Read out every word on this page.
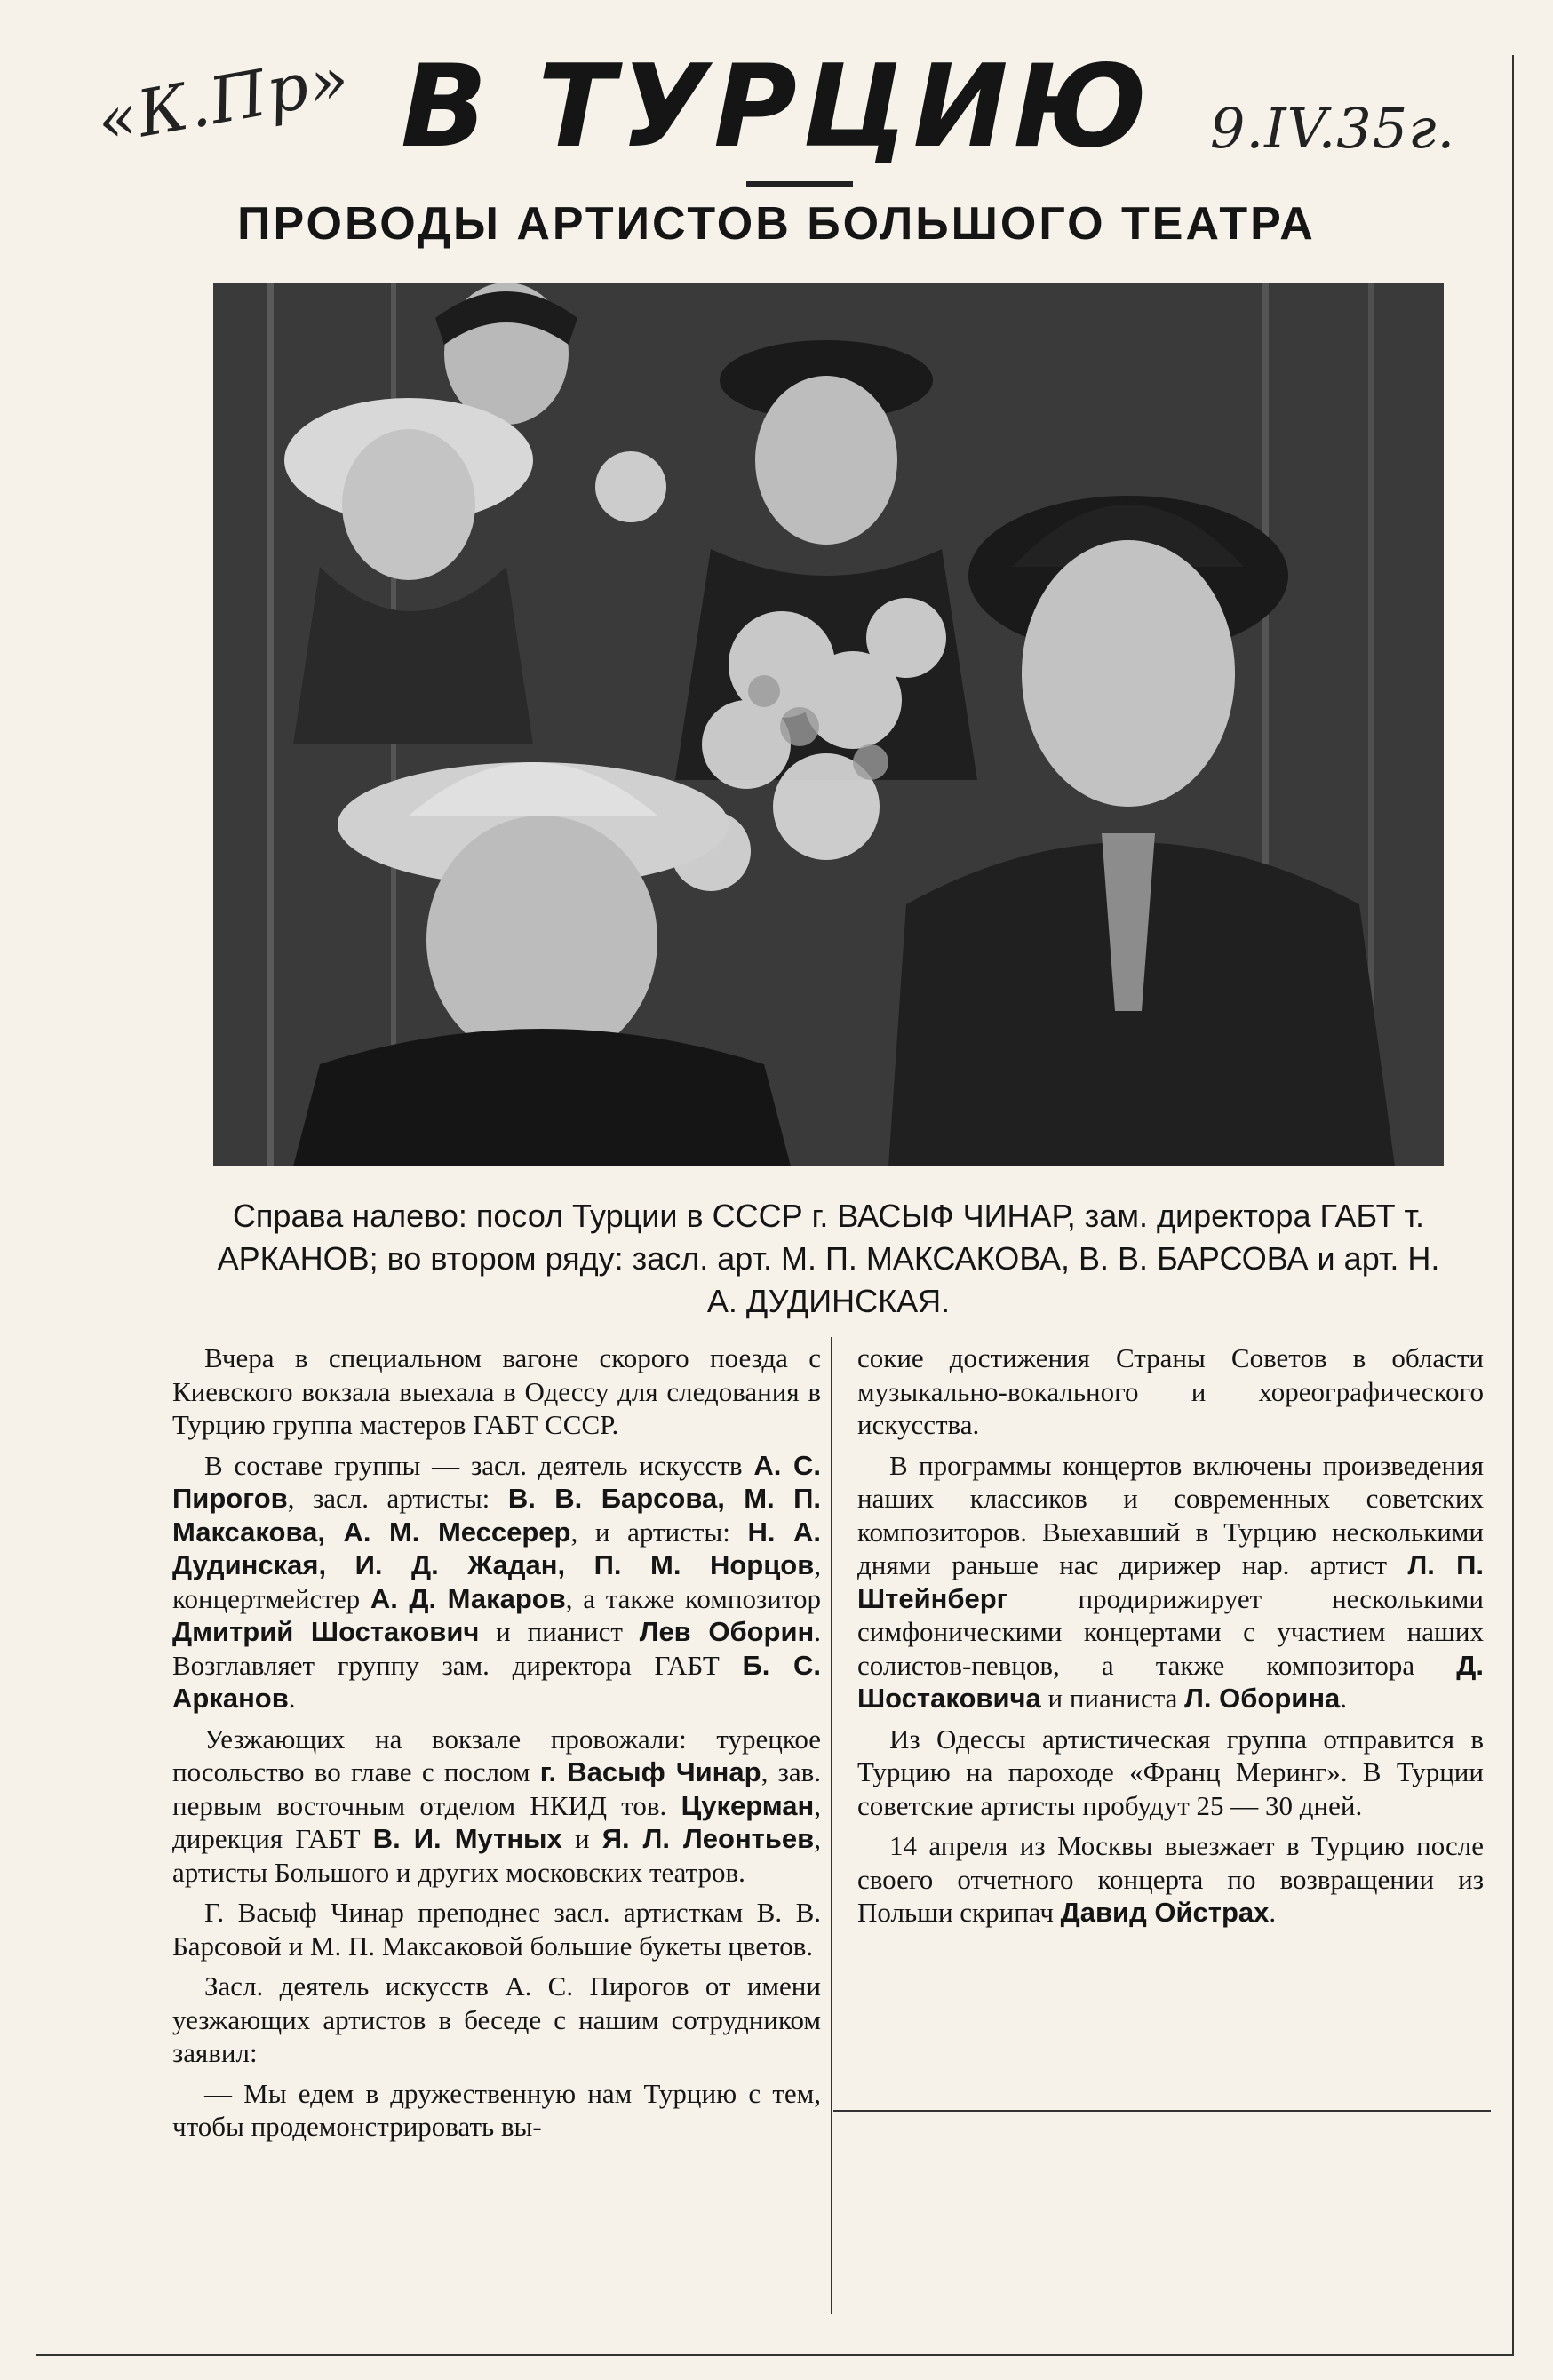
«К.Пр» В ТУРЦИЮ	9.IV.35г.
ПРОВОДЫ АРТИСТОВ БОЛЬШОГО ТЕАТРА

Справа налево: посол Турции в СССР г. ВАСЫФ ЧИНАР, зам. директора ГАБТ т. АРКАНОВ; во втором ряду: засл. арт. М. П. МАКСАКОВА, В. В. БАРСОВА и арт. Н. А. ДУДИНСКАЯ.

Вчера в специальном вагоне скорого поезда с Киевского вокзала выехала в Одессу для следования в Турцию группа мастеров ГАБТ СССР.

В составе группы — засл. деятель искусств А. С. Пирогов, засл. артисты: В. В. Барсова, М. П. Максакова, А. М. Мессерер, и артисты: Н. А. Дудинская, И. Д. Жадан, П. М. Норцов, концертмейстер А. Д. Макаров, а также композитор Дмитрий Шостакович и пианист Лев Оборин. Возглавляет группу зам. директора ГАБТ Б. С. Арканов.

Уезжающих на вокзале провожали: турецкое посольство во главе с послом г. Васыф Чинар, зав. первым восточным отделом НКИД тов. Цукерман, дирекция ГАБТ В. И. Мутных и Я. Л. Леонтьев, артисты Большого и других московских театров.

Г. Васыф Чинар преподнес засл. артисткам В. В. Барсовой и М. П. Максаковой большие букеты цветов.

Засл. деятель искусств А. С. Пирогов от имени уезжающих артистов в беседе с нашим сотрудником заявил:

— Мы едем в дружественную нам Турцию с тем, чтобы продемонстрировать вы-

сокие достижения Страны Советов в области музыкально-вокального и хореографического искусства.

В программы концертов включены произведения наших классиков и современных советских композиторов. Выехавший в Турцию несколькими днями раньше нас дирижер нар. артист Л. П. Штейнберг продирижирует несколькими симфоническими концертами с участием наших солистов-певцов, а также композитора Д. Шостаковича и пианиста Л. Оборина.

Из Одессы артистическая группа отправится в Турцию на пароходе «Франц Меринг». В Турции советские артисты пробудут 25 — 30 дней.

14 апреля из Москвы выезжает в Турцию после своего отчетного концерта по возвращении из Польши скрипач Давид Ойстрах.
